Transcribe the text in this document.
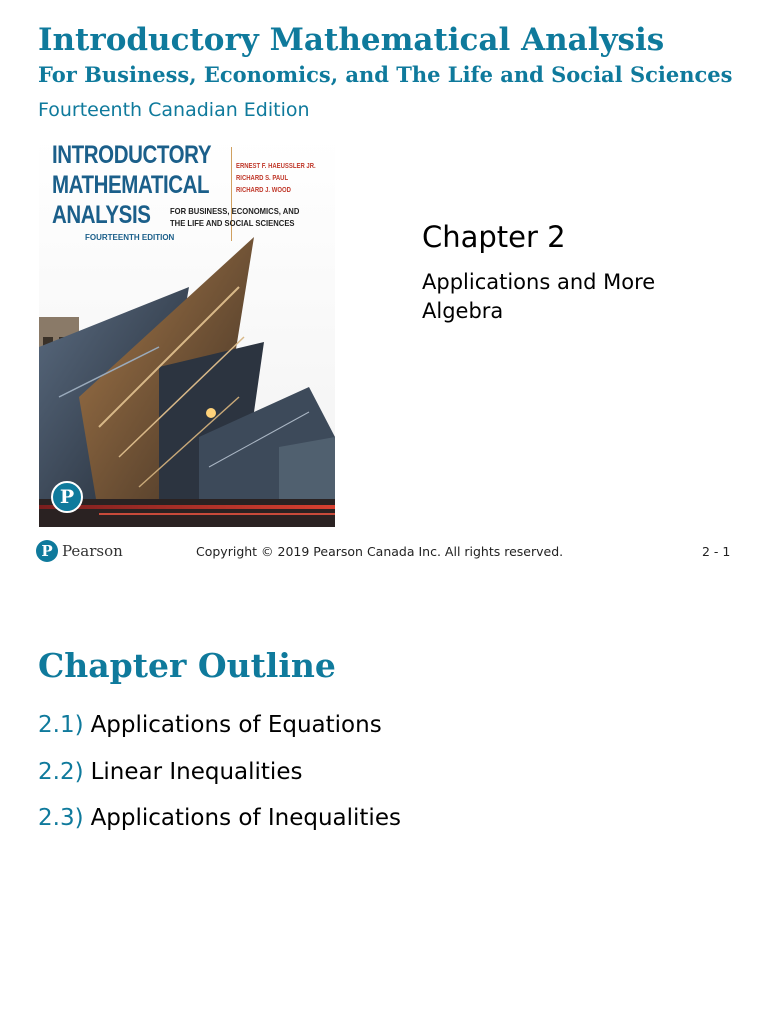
Introductory Mathematical Analysis
For Business, Economics, and The Life and Social Sciences
Fourteenth Canadian Edition
INTRODUCTORY
MATHEMATICAL
ANALYSIS
ERNEST F. HAEUSSLER JR.
RICHARD S. PAUL
RICHARD J. WOOD
FOR BUSINESS, ECONOMICS, AND
THE LIFE AND SOCIAL SCIENCES
FOURTEENTH EDITION
P
Chapter 2
Applications and More Algebra
P Pearson	Copyright © 2019 Pearson Canada Inc. All rights reserved.	2 - 1
Chapter Outline
2.1) Applications of Equations
2.2) Linear Inequalities
2.3) Applications of Inequalities
